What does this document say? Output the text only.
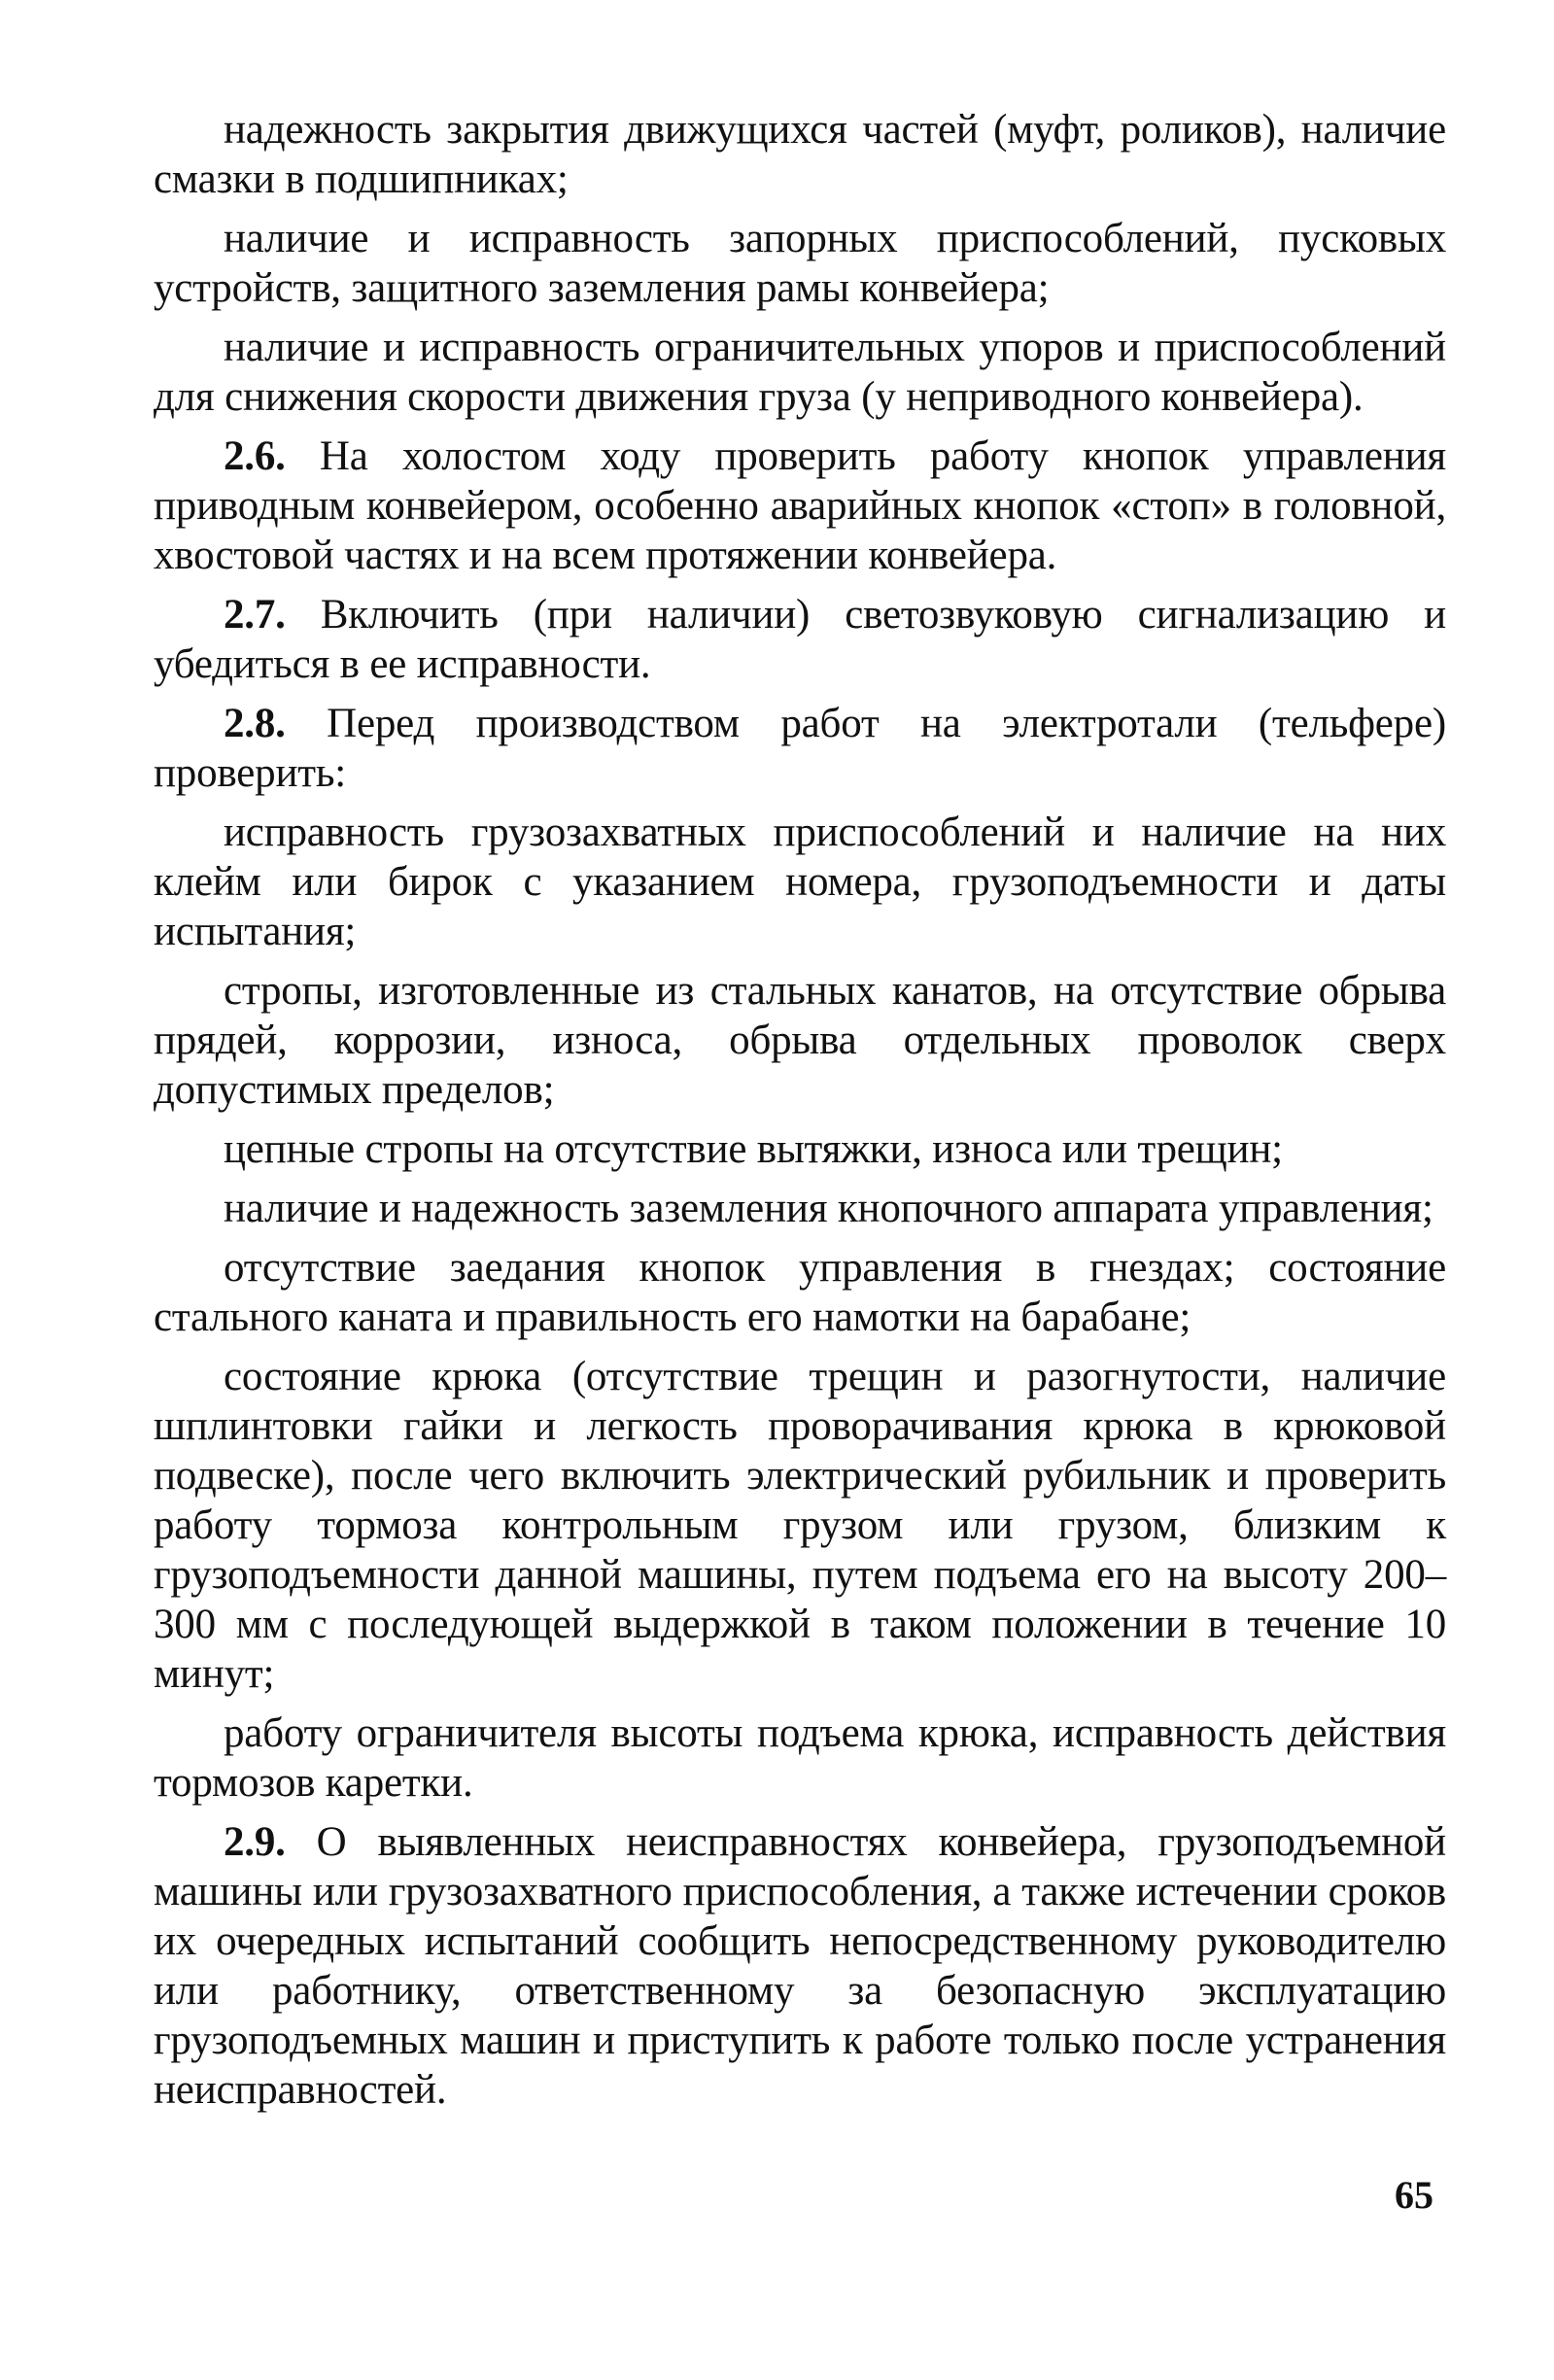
надежность закрытия движущихся частей (муфт, роликов), наличие смазки в подшипниках;

наличие и исправность запорных приспособлений, пусковых устройств, защитного заземления рамы конвейера;

наличие и исправность ограничительных упоров и приспособлений для снижения скорости движения груза (у неприводного конвейера).

2.6. На холостом ходу проверить работу кнопок управления приводным конвейером, особенно аварийных кнопок «стоп» в головной, хвостовой частях и на всем протяжении конвейера.

2.7. Включить (при наличии) светозвуковую сигнализацию и убедиться в ее исправности.

2.8. Перед производством работ на электротали (тельфере) проверить:

исправность грузозахватных приспособлений и наличие на них клейм или бирок с указанием номера, грузоподъемности и даты испытания;

стропы, изготовленные из стальных канатов, на отсутствие обрыва прядей, коррозии, износа, обрыва отдельных проволок сверх допустимых пределов;

цепные стропы на отсутствие вытяжки, износа или трещин;

наличие и надежность заземления кнопочного аппарата управления;

отсутствие заедания кнопок управления в гнездах; состояние стального каната и правильность его намотки на барабане;

состояние крюка (отсутствие трещин и разогнутости, наличие шплинтовки гайки и легкость проворачивания крюка в крюковой подвеске), после чего включить электрический рубильник и проверить работу тормоза контрольным грузом или грузом, близким к грузоподъемности данной машины, путем подъема его на высоту 200–300 мм с последующей выдержкой в таком положении в течение 10 минут;

работу ограничителя высоты подъема крюка, исправность действия тормозов каретки.

2.9. О выявленных неисправностях конвейера, грузоподъемной машины или грузозахватного приспособления, а также истечении сроков их очередных испытаний сообщить непосредственному руководителю или работнику, ответственному за безопасную эксплуатацию грузоподъемных машин и приступить к работе только после устранения неисправностей.

65
